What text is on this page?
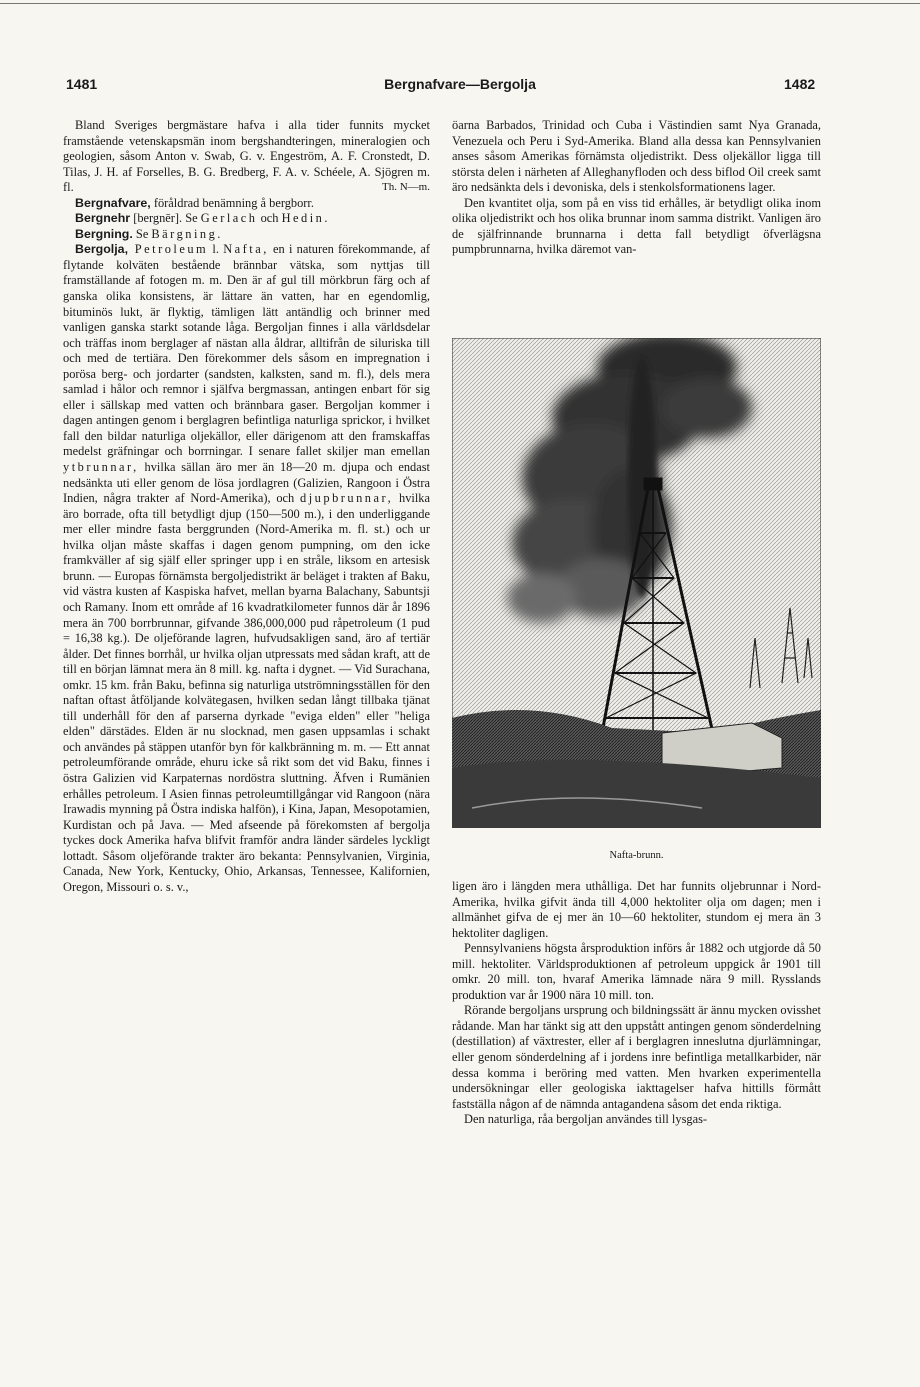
1481	Bergnafvare—Bergolja	1482

Bland Sveriges bergmästare hafva i alla tider funnits mycket framstående vetenskapsmän inom bergshandteringen, mineralogien och geologien, såsom Anton v. Swab, G. v. Engeström, A. F. Cronstedt, D. Tilas, J. H. af Forselles, B. G. Bredberg, F. A. v. Schéele, A. Sjögren m. fl.	Th. N—m.

Bergnafvare, föråldrad benämning å bergborr.

Bergnehr [bergnēr]. Se Gerlach och Hedin.

Bergning. Se Bärgning.

Bergolja, Petroleum l. Nafta, en i naturen förekommande, af flytande kolväten bestående brännbar vätska, som nyttjas till framställande af fotogen m. m. Den är af gul till mörkbrun färg och af ganska olika konsistens, är lättare än vatten, har en egendomlig, bituminös lukt, är flyktig, tämligen lätt antändlig och brinner med vanligen ganska starkt sotande låga. Bergoljan finnes i alla världsdelar och träffas inom berglager af nästan alla åldrar, alltifrån de siluriska till och med de tertiära. Den förekommer dels såsom en impregnation i porösa berg- och jordarter (sandsten, kalksten, sand m. fl.), dels mera samlad i hålor och remnor i själfva bergmassan, antingen enbart för sig eller i sällskap med vatten och brännbara gaser. Bergoljan kommer i dagen antingen genom i berglagren befintliga naturliga sprickor, i hvilket fall den bildar naturliga oljekällor, eller därigenom att den framskaffas medelst gräfningar och borrningar. I senare fallet skiljer man emellan ytbrunnar, hvilka sällan äro mer än 18—20 m. djupa och endast nedsänkta uti eller genom de lösa jordlagren (Galizien, Rangoon i Östra Indien, några trakter af Nord-Amerika), och djupbrunnar, hvilka äro borrade, ofta till betydligt djup (150—500 m.), i den underliggande mer eller mindre fasta berggrunden (Nord-Amerika m. fl. st.) och ur hvilka oljan måste skaffas i dagen genom pumpning, om den icke framkväller af sig själf eller springer upp i en stråle, liksom en artesisk brunn. — Europas förnämsta bergoljedistrikt är beläget i trakten af Baku, vid västra kusten af Kaspiska hafvet, mellan byarna Balachany, Sabuntsji och Ramany. Inom ett område af 16 kvadratkilometer funnos där år 1896 mera än 700 borrbrunnar, gifvande 386,000,000 pud råpetroleum (1 pud = 16,38 kg.). De oljeförande lagren, hufvudsakligen sand, äro af tertiär ålder. Det finnes borrhål, ur hvilka oljan utpressats med sådan kraft, att de till en början lämnat mera än 8 mill. kg. nafta i dygnet. — Vid Surachana, omkr. 15 km. från Baku, befinna sig naturliga utströmningsställen för den naftan oftast åtföljande kolvätegasen, hvilken sedan långt tillbaka tjänat till underhåll för den af parserna dyrkade "eviga elden" eller "heliga elden" därstädes. Elden är nu slocknad, men gasen uppsamlas i schakt och användes på stäppen utanför byn för kalkbränning m. m. — Ett annat petroleumförande område, ehuru icke så rikt som det vid Baku, finnes i östra Galizien vid Karpaternas nordöstra sluttning. Äfven i Rumänien erhålles petroleum. I Asien finnas petroleumtillgångar vid Rangoon (nära Irawadis mynning på Östra indiska halfön), i Kina, Japan, Mesopotamien, Kurdistan och på Java. — Med afseende på förekomsten af bergolja tyckes dock Amerika hafva blifvit framför andra länder särdeles lyckligt lottadt. Såsom oljeförande trakter äro bekanta: Pennsylvanien, Virginia, Canada, New York, Kentucky, Ohio, Arkansas, Tennessee, Kalifornien, Oregon, Missouri o. s. v.,

öarna Barbados, Trinidad och Cuba i Västindien samt Nya Granada, Venezuela och Peru i Syd-Amerika. Bland alla dessa kan Pennsylvanien anses såsom Amerikas förnämsta oljedistrikt. Dess oljekällor ligga till största delen i närheten af Alleghanyfloden och dess biflod Oil creek samt äro nedsänkta dels i devoniska, dels i stenkolsformationens lager.

Den kvantitet olja, som på en viss tid erhålles, är betydligt olika inom olika oljedistrikt och hos olika brunnar inom samma distrikt. Vanligen äro de själfrinnande brunnarna i detta fall betydligt öfverlägsna pumpbrunnarna, hvilka däremot van-

Nafta-brunn.

ligen äro i längden mera uthålliga. Det har funnits oljebrunnar i Nord-Amerika, hvilka gifvit ända till 4,000 hektoliter olja om dagen; men i allmänhet gifva de ej mer än 10—60 hektoliter, stundom ej mera än 3 hektoliter dagligen.

Pennsylvaniens högsta årsproduktion införs år 1882 och utgjorde då 50 mill. hektoliter. Världsproduktionen af petroleum uppgick år 1901 till omkr. 20 mill. ton, hvaraf Amerika lämnade nära 9 mill. Rysslands produktion var år 1900 nära 10 mill. ton.

Rörande bergoljans ursprung och bildningssätt är ännu mycken ovisshet rådande. Man har tänkt sig att den uppstått antingen genom sönderdelning (destillation) af växtrester, eller af i berglagren inneslutna djurlämningar, eller genom sönderdelning af i jordens inre befintliga metallkarbider, när dessa komma i beröring med vatten. Men hvarken experimentella undersökningar eller geologiska iakttagelser hafva hittills förmått fastställa någon af de nämnda antagandena såsom det enda riktiga.

Den naturliga, råa bergoljan användes till lysgas-
